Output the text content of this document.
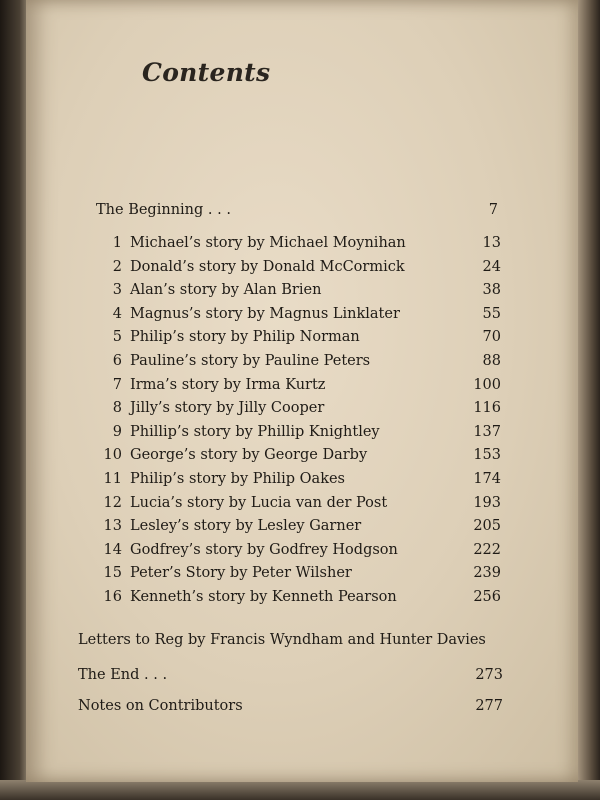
Contents
The Beginning . . .	7
1 Michael’s story by Michael Moynihan	13
2 Donald’s story by Donald McCormick	24
3 Alan’s story by Alan Brien	38
4 Magnus’s story by Magnus Linklater	55
5 Philip’s story by Philip Norman	70
6 Pauline’s story by Pauline Peters	88
7 Irma’s story by Irma Kurtz	100
8 Jilly’s story by Jilly Cooper	116
9 Phillip’s story by Phillip Knightley	137
10 George’s story by George Darby	153
11 Philip’s story by Philip Oakes	174
12 Lucia’s story by Lucia van der Post	193
13 Lesley’s story by Lesley Garner	205
14 Godfrey’s story by Godfrey Hodgson	222
15 Peter’s Story by Peter Wilsher	239
16 Kenneth’s story by Kenneth Pearson	256
Letters to Reg by Francis Wyndham and Hunter Davies
The End . . .	273
Notes on Contributors	277
